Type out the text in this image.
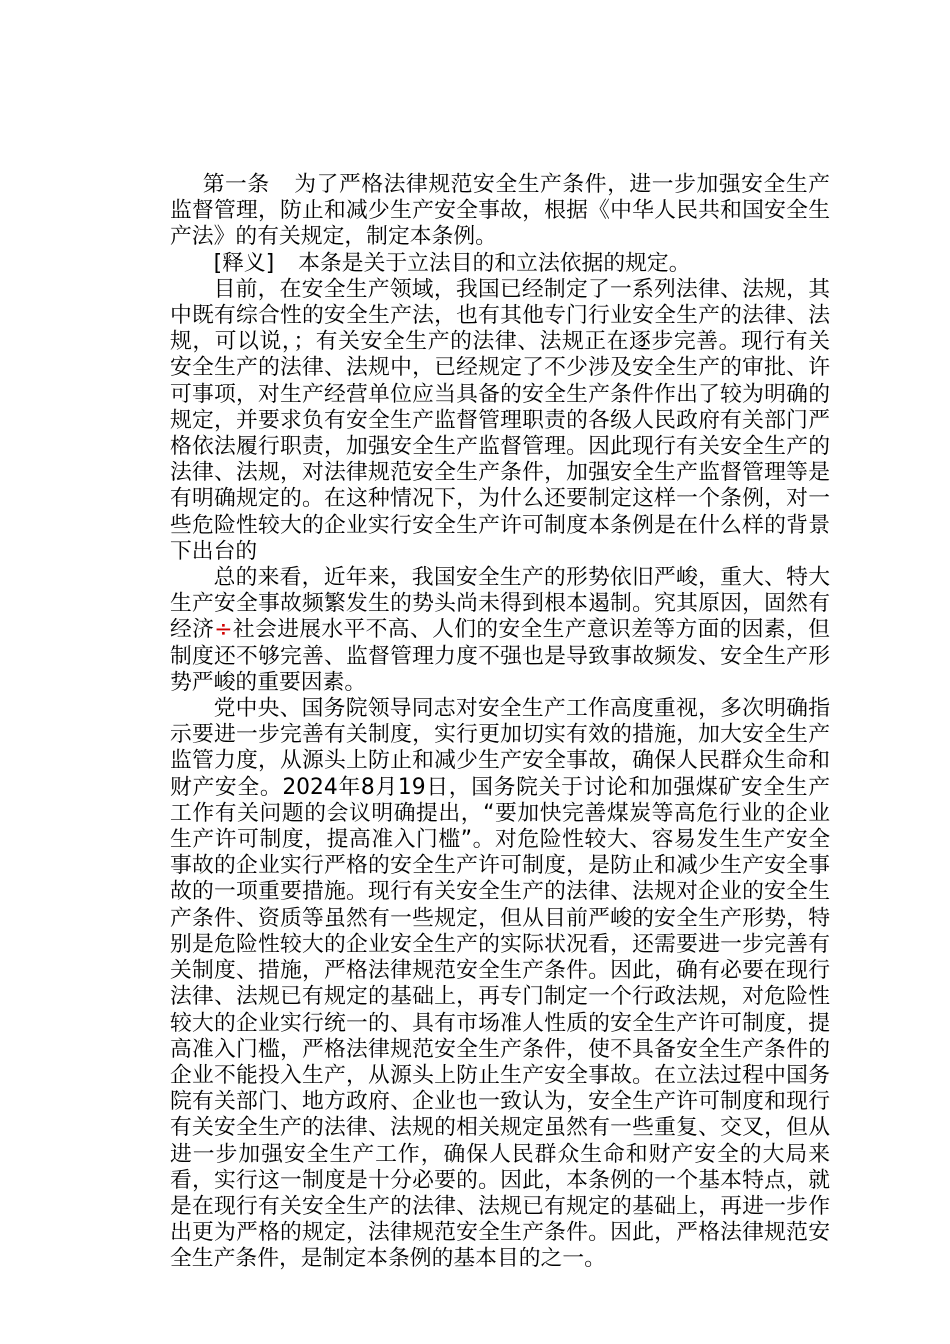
第一条 为了严格法律规范安全生产条件，进一步加强安全生产监督管理，防止和减少生产安全事故，根据《中华人民共和国安全生产法》的有关规定，制定本条例。

[释义] 本条是关于立法目的和立法依据的规定。

目前，在安全生产领域，我国已经制定了一系列法律、法规，其中既有综合性的安全生产法，也有其他专门行业安全生产的法律、法规，可以说，；有关安全生产的法律、法规正在逐步完善。现行有关安全生产的法律、法规中，已经规定了不少涉及安全生产的审批、许可事项，对生产经营单位应当具备的安全生产条件作出了较为明确的规定，并要求负有安全生产监督管理职责的各级人民政府有关部门严格依法履行职责，加强安全生产监督管理。因此现行有关安全生产的法律、法规，对法律规范安全生产条件，加强安全生产监督管理等是有明确规定的。在这种情况下，为什么还要制定这样一个条例，对一些危险性较大的企业实行安全生产许可制度本条例是在什么样的背景下出台的

总的来看，近年来，我国安全生产的形势依旧严峻，重大、特大生产安全事故频繁发生的势头尚未得到根本遏制。究其原因，固然有经济÷社会进展水平不高、人们的安全生产意识差等方面的因素，但制度还不够完善、监督管理力度不强也是导致事故频发、安全生产形势严峻的重要因素。

党中央、国务院领导同志对安全生产工作高度重视，多次明确指示要进一步完善有关制度，实行更加切实有效的措施，加大安全生产监管力度，从源头上防止和减少生产安全事故，确保人民群众生命和财产安全。2024年8月19日，国务院关于讨论和加强煤矿安全生产工作有关问题的会议明确提出，“要加快完善煤炭等高危行业的企业生产许可制度，提高准入门槛”。对危险性较大、容易发生生产安全事故的企业实行严格的安全生产许可制度，是防止和减少生产安全事故的一项重要措施。现行有关安全生产的法律、法规对企业的安全生产条件、资质等虽然有一些规定，但从目前严峻的安全生产形势，特别是危险性较大的企业安全生产的实际状况看，还需要进一步完善有关制度、措施，严格法律规范安全生产条件。因此，确有必要在现行法律、法规已有规定的基础上，再专门制定一个行政法规，对危险性较大的企业实行统一的、具有市场准人性质的安全生产许可制度，提高准入门槛，严格法律规范安全生产条件，使不具备安全生产条件的企业不能投入生产，从源头上防止生产安全事故。在立法过程中国务院有关部门、地方政府、企业也一致认为，安全生产许可制度和现行有关安全生产的法律、法规的相关规定虽然有一些重复、交叉，但从进一步加强安全生产工作，确保人民群众生命和财产安全的大局来看，实行这一制度是十分必要的。因此，本条例的一个基本特点，就是在现行有关安全生产的法律、法规已有规定的基础上，再进一步作出更为严格的规定，法律规范安全生产条件。因此，严格法律规范安全生产条件，是制定本条例的基本目的之一。
